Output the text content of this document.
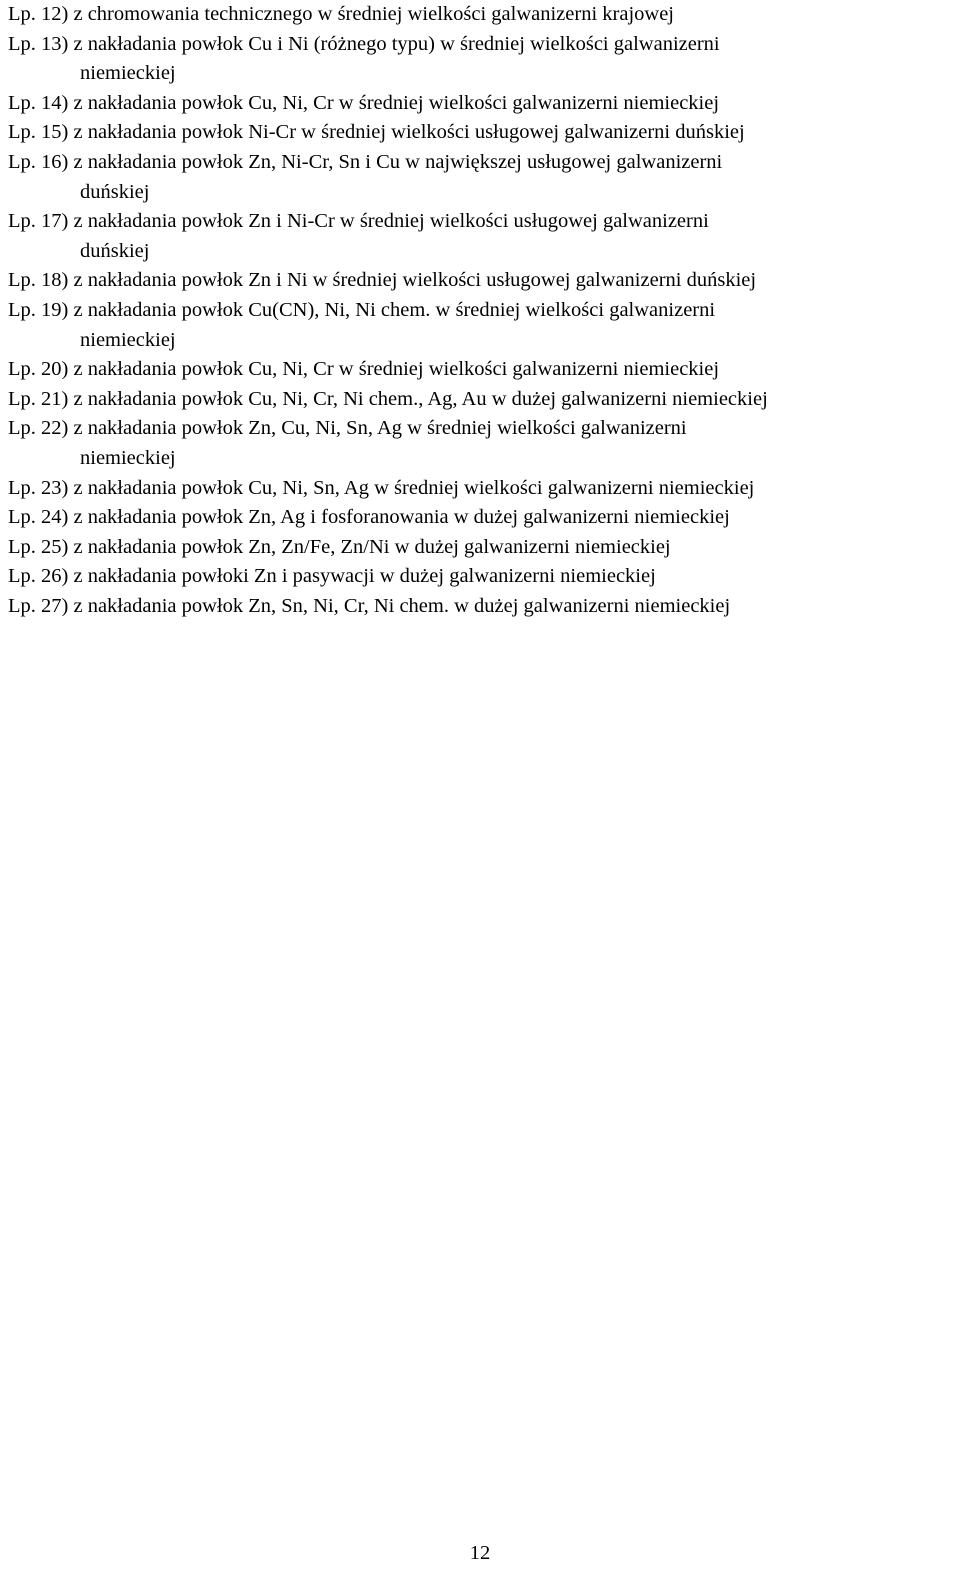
Lp. 12) z chromowania technicznego w średniej wielkości galwanizerni krajowej
Lp. 13) z nakładania powłok Cu i Ni (różnego typu) w średniej wielkości galwanizerni
niemieckiej
Lp. 14) z nakładania powłok Cu, Ni, Cr w średniej wielkości galwanizerni niemieckiej
Lp. 15) z nakładania powłok Ni-Cr w średniej wielkości usługowej galwanizerni duńskiej
Lp. 16) z nakładania powłok Zn, Ni-Cr, Sn i Cu w największej usługowej galwanizerni
duńskiej
Lp. 17) z nakładania powłok Zn i Ni-Cr w średniej wielkości usługowej galwanizerni
duńskiej
Lp. 18) z nakładania powłok Zn i Ni w średniej wielkości usługowej galwanizerni duńskiej
Lp. 19) z nakładania powłok Cu(CN), Ni, Ni chem. w średniej wielkości galwanizerni
niemieckiej
Lp. 20) z nakładania powłok Cu, Ni, Cr w średniej wielkości galwanizerni niemieckiej
Lp. 21) z nakładania powłok Cu, Ni, Cr, Ni chem., Ag, Au w dużej galwanizerni niemieckiej
Lp. 22) z nakładania powłok Zn, Cu, Ni, Sn, Ag w średniej wielkości galwanizerni
niemieckiej
Lp. 23) z nakładania powłok Cu, Ni, Sn, Ag w średniej wielkości galwanizerni niemieckiej
Lp. 24) z nakładania powłok Zn, Ag i fosforanowania w dużej galwanizerni niemieckiej
Lp. 25) z nakładania powłok Zn, Zn/Fe, Zn/Ni w dużej galwanizerni niemieckiej
Lp. 26) z nakładania powłoki Zn i pasywacji w dużej galwanizerni niemieckiej
Lp. 27) z nakładania powłok Zn, Sn, Ni, Cr, Ni chem. w dużej galwanizerni niemieckiej
12
